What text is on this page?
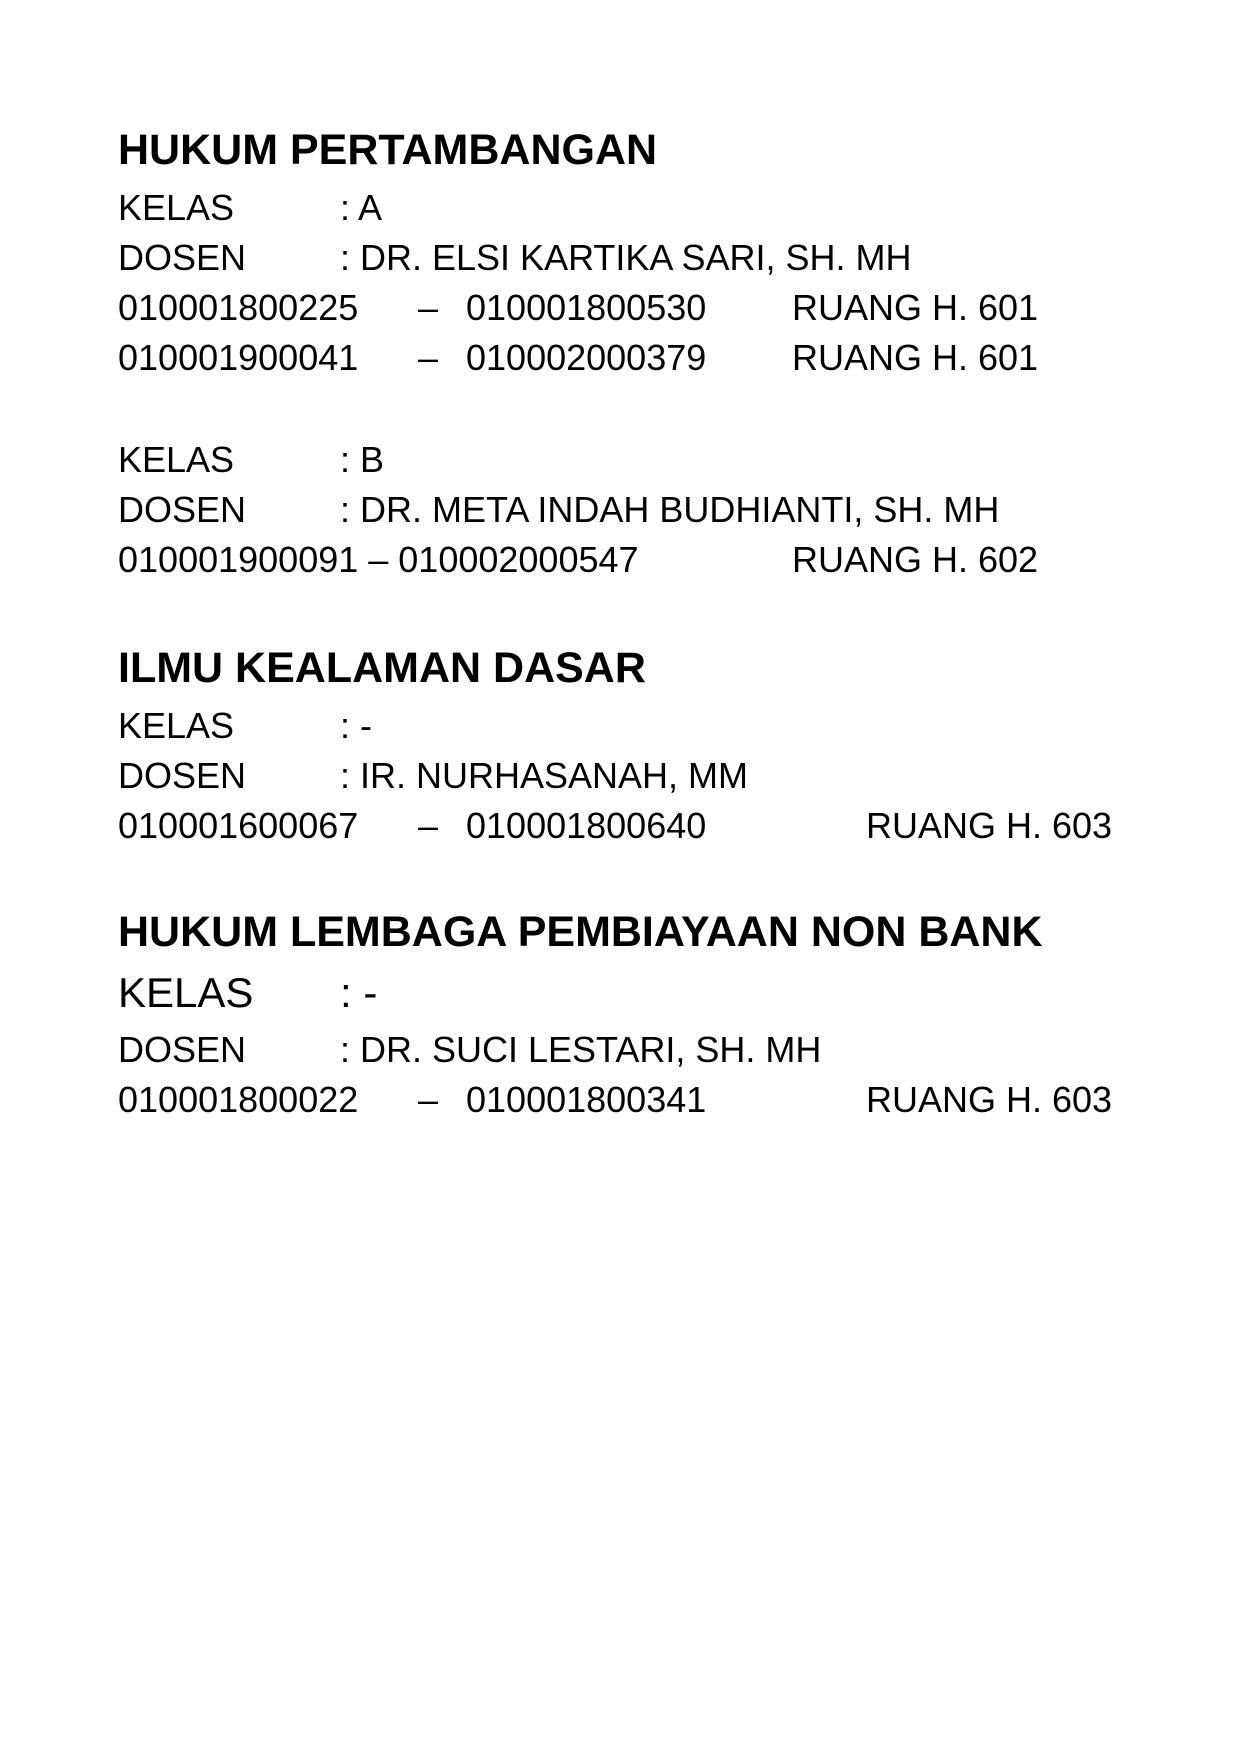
HUKUM PERTAMBANGAN
KELAS	: A
DOSEN	: DR. ELSI KARTIKA SARI, SH. MH
010001800225 – 010001800530 RUANG H. 601
010001900041 – 010002000379 RUANG H. 601
KELAS	: B
DOSEN	: DR. META INDAH BUDHIANTI, SH. MH
010001900091 – 010002000547	RUANG H. 602
ILMU KEALAMAN DASAR
KELAS	: -
DOSEN	: IR. NURHASANAH, MM
010001600067 – 010001800640	RUANG H. 603
HUKUM LEMBAGA PEMBIAYAAN NON BANK
KELAS : -
DOSEN	: DR. SUCI LESTARI, SH. MH
010001800022 – 010001800341	RUANG H. 603
